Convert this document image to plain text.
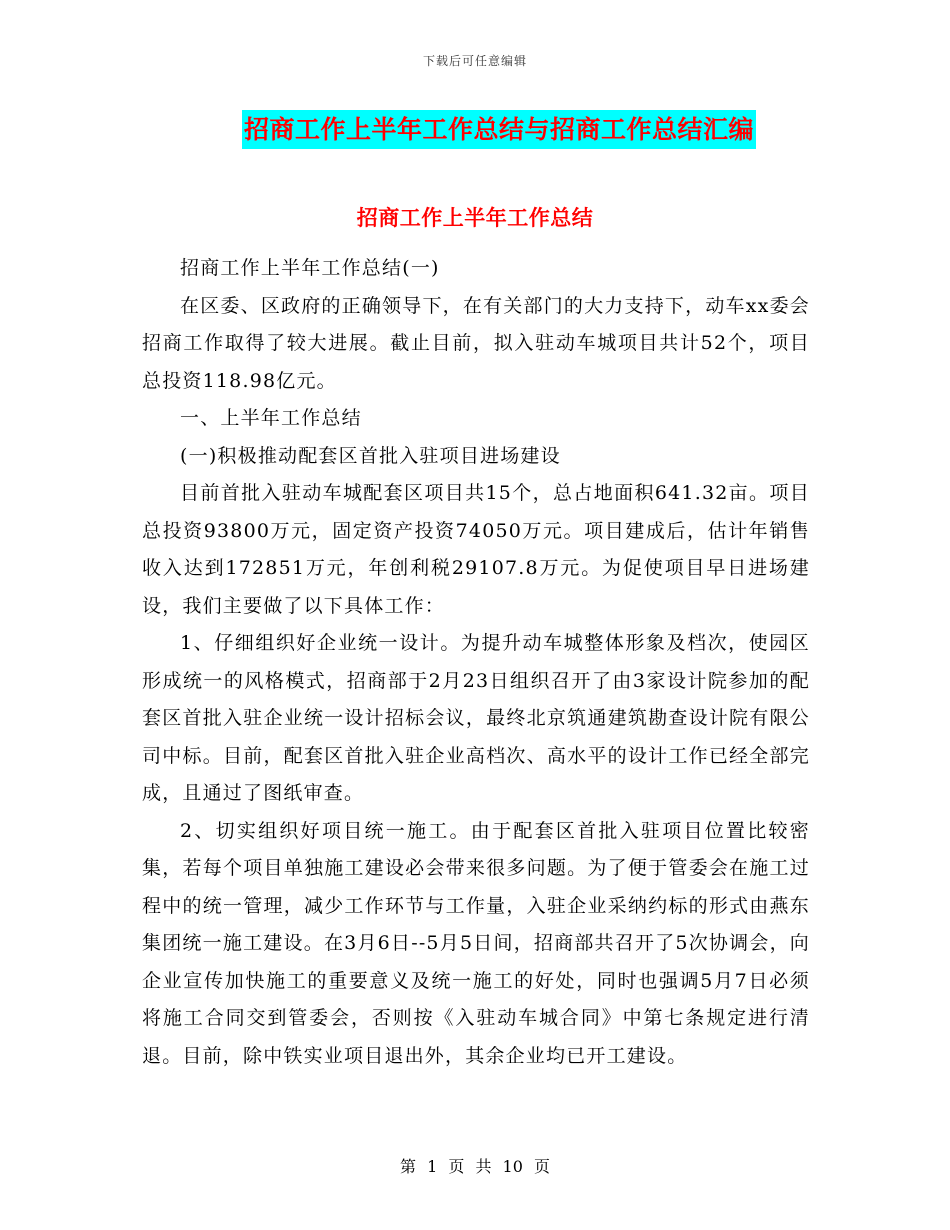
下载后可任意编辑
招商工作上半年工作总结与招商工作总结汇编
招商工作上半年工作总结

招商工作上半年工作总结(一)

在区委、区政府的正确领导下，在有关部门的大力支持下，动车xx委会招商工作取得了较大进展。截止目前，拟入驻动车城项目共计52个，项目总投资118.98亿元。

一、上半年工作总结

(一)积极推动配套区首批入驻项目进场建设

目前首批入驻动车城配套区项目共15个，总占地面积641.32亩。项目总投资93800万元，固定资产投资74050万元。项目建成后，估计年销售收入达到172851万元，年创利税29107.8万元。为促使项目早日进场建设，我们主要做了以下具体工作：

1、仔细组织好企业统一设计。为提升动车城整体形象及档次，使园区形成统一的风格模式，招商部于2月23日组织召开了由3家设计院参加的配套区首批入驻企业统一设计招标会议，最终北京筑通建筑勘查设计院有限公司中标。目前，配套区首批入驻企业高档次、高水平的设计工作已经全部完成，且通过了图纸审查。

2、切实组织好项目统一施工。由于配套区首批入驻项目位置比较密集，若每个项目单独施工建设必会带来很多问题。为了便于管委会在施工过程中的统一管理，减少工作环节与工作量，入驻企业采纳约标的形式由燕东集团统一施工建设。在3月6日--5月5日间，招商部共召开了5次协调会，向企业宣传加快施工的重要意义及统一施工的好处，同时也强调5月7日必须将施工合同交到管委会，否则按《入驻动车城合同》中第七条规定进行清退。目前，除中铁实业项目退出外，其余企业均已开工建设。

第 1 页 共 10 页
